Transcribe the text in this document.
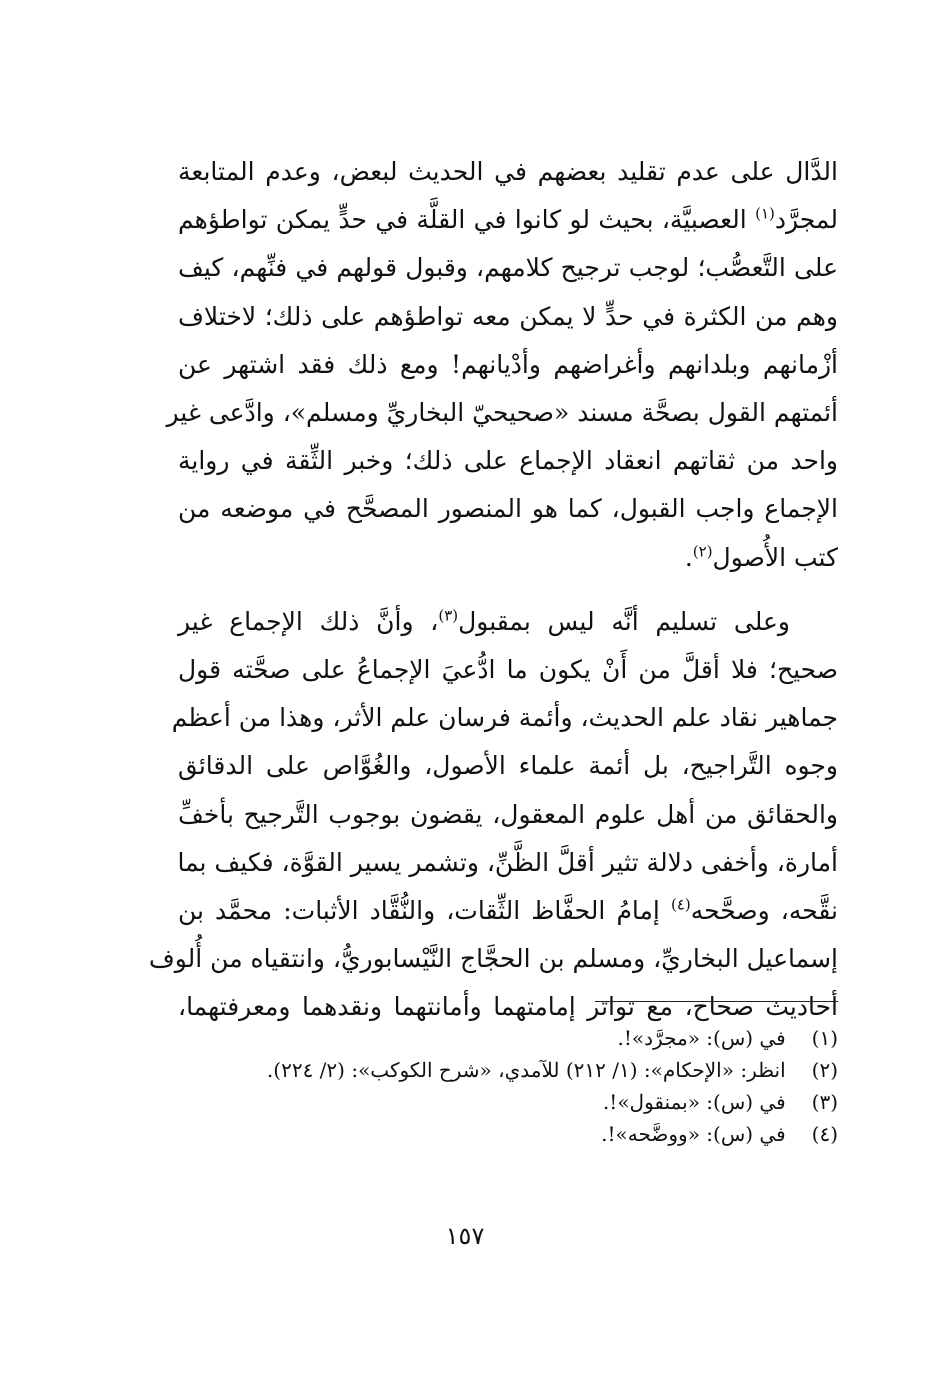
الدَّال على عدم تقليد بعضهم في الحديث لبعض، وعدم المتابعة
لمجرَّد$^{(١)}$ العصبيَّة، بحيث لو كانوا في القلَّة في حدٍّ يمكن تواطؤهم
على التَّعصُّب؛ لوجب ترجيح كلامهم، وقبول قولهم في فنِّهم، كيف
وهم من الكثرة في حدٍّ لا يمكن معه تواطؤهم على ذلك؛ لاختلاف
أزْمانهم وبلدانهم وأغراضهم وأدْيانهم! ومع ذلك فقد اشتهر عن
أئمتهم القول بصحَّة مسند «صحيحيّ البخاريِّ ومسلم»، وادَّعى غير
واحد من ثقاتهم انعقاد الإجماع على ذلك؛ وخبر الثِّقة في رواية
الإجماع واجب القبول، كما هو المنصور المصحَّح في موضعه من
كتب الأُصول$^{(٢)}$.

وعلى تسليم أنَّه ليس بمقبول$^{(٣)}$، وأنَّ ذلك الإجماع غير
صحيح؛ فلا أقلَّ من أَنْ يكون ما ادُّعيَ الإجماعُ على صحَّته قول
جماهير نقاد علم الحديث، وأئمة فرسان علم الأثر، وهذا من أعظم
وجوه التَّراجيح، بل أئمة علماء الأصول، والغُوَّاص على الدقائق
والحقائق من أهل علوم المعقول، يقضون بوجوب التَّرجيح بأخفِّ
أمارة، وأخفى دلالة تثير أقلَّ الظَّنِّ، وتشمر يسير القوَّة، فكيف بما
نقَّحه، وصحَّحه$^{(٤)}$ إمامُ الحفَّاظ الثِّقات، والنُّقَّاد الأثبات: محمَّد بن
إسماعيل البخاريِّ، ومسلم بن الحجَّاج النَّيْسابوريُّ، وانتقياه من أُلوف
أحاديث صحاح، مع تواتر إمامتهما وأمانتهما ونقدهما ومعرفتهما،

(١) في (س): «مجرَّد»!.
(٢) انظر: «الإحكام»: (١/ ٢١٢) للآمدي، «شرح الكوكب»: (٢/ ٢٢٤).
(٣) في (س): «بمنقول»!.
(٤) في (س): «ووضَّحه»!.
١٥٧
